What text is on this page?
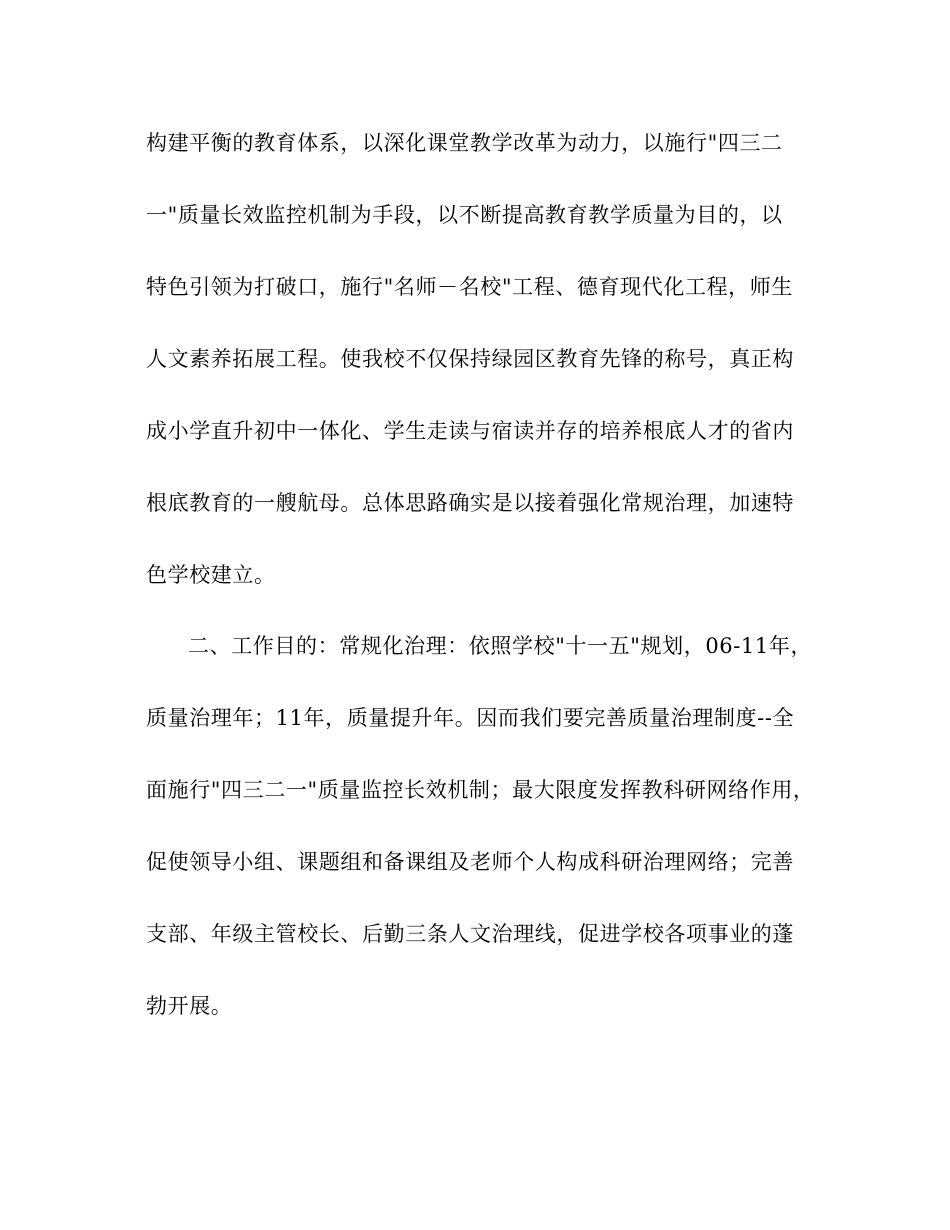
构建平衡的教育体系，以深化课堂教学改革为动力，以施行"四三二
一"质量长效监控机制为手段，以不断提高教育教学质量为目的，以
特色引领为打破口，施行"名师－名校"工程、德育现代化工程，师生
人文素养拓展工程。使我校不仅保持绿园区教育先锋的称号，真正构
成小学直升初中一体化、学生走读与宿读并存的培养根底人才的省内
根底教育的一艘航母。总体思路确实是以接着强化常规治理，加速特
色学校建立。
二、工作目的：常规化治理：依照学校"十一五"规划，06-11年，
质量治理年；11年，质量提升年。因而我们要完善质量治理制度--全
面施行"四三二一"质量监控长效机制；最大限度发挥教科研网络作用，
促使领导小组、课题组和备课组及老师个人构成科研治理网络；完善
支部、年级主管校长、后勤三条人文治理线，促进学校各项事业的蓬
勃开展。
